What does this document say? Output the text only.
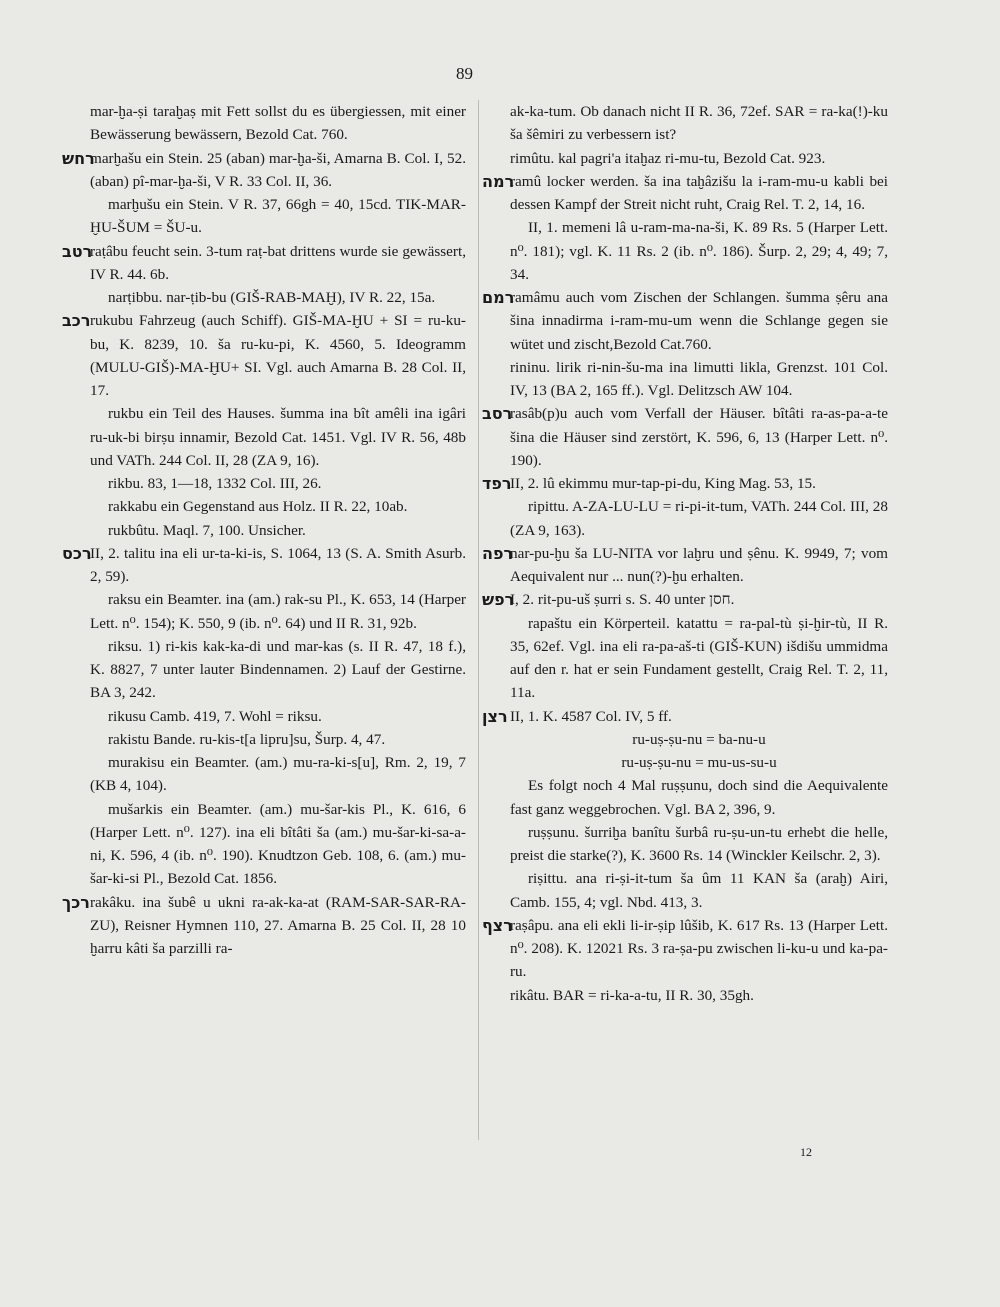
89
mar-ḫa-ṣi taraḫaṣ mit Fett sollst du es übergiessen, mit einer Bewässerung bewässern, Bezold Cat. 760.
רחש
marḫašu ein Stein. 25 (aban) mar-ḫa-ši, Amarna B. Col. I, 52. (aban) pî-mar-ḫa-ši, V R. 33 Col. II, 36.
marḫušu ein Stein. V R. 37, 66gh = 40, 15cd. TIK-MAR-ḪU-ŠUM = ŠU-u.
רטב
raṭâbu feucht sein. 3-tum raṭ-bat drittens wurde sie gewässert, IV R. 44. 6b.
narṭibbu. nar-ṭib-bu (GIŠ-RAB-MAḪ), IV R. 22, 15a.
רכב rukubu Fahrzeug (auch Schiff). GIŠ-MA-ḪU + SI = ru-ku-bu, K. 8239, 10. ša ru-ku-pi, K. 4560, 5. Ideogramm (MULU-GIŠ)-MA-ḪU+ SI. Vgl. auch Amarna B. 28 Col. II, 17.
rukbu ein Teil des Hauses. šumma ina bît amêli ina igâri ru-uk-bi birṣu innamir, Bezold Cat. 1451. Vgl. IV R. 56, 48b und VATh. 244 Col. II, 28 (ZA 9, 16).
rikbu. 83, 1—18, 1332 Col. III, 26.
rakkabu ein Gegenstand aus Holz. II R. 22, 10ab.
rukbûtu. Maql. 7, 100. Unsicher.
רכס
II, 2. talitu ina eli ur-ta-ki-is, S. 1064, 13 (S. A. Smith Asurb. 2, 59).
raksu ein Beamter. ina (am.) rak-su Pl., K. 653, 14 (Harper Lett. n⁰. 154); K. 550, 9 (ib. n⁰. 64) und II R. 31, 92b.
riksu. 1) ri-kis kak-ka-di und mar-kas (s. II R. 47, 18 f.), K. 8827, 7 unter lauter Bindennamen. 2) Lauf der Gestirne. BA 3, 242.
rikusu Camb. 419, 7. Wohl = riksu.
rakistu Bande. ru-kis-t[a lipru]su, Šurp. 4, 47.
murakisu ein Beamter. (am.) mu-ra-ki-s[u], Rm. 2, 19, 7 (KB 4, 104).
mušarkis ein Beamter. (am.) mu-šar-kis Pl., K. 616, 6 (Harper Lett. n⁰. 127). ina eli bîtâti ša (am.) mu-šar-ki-sa-a-ni, K. 596, 4 (ib. n⁰. 190). Knudtzon Geb. 108, 6. (am.) mu-šar-ki-si Pl., Bezold Cat. 1856.
רכך rakâku. ina šubê u ukni ra-ak-ka-at (RAM-SAR-SAR-RA-ZU), Reisner Hymnen 110, 27. Amarna B. 25 Col. II, 28 10 ḫarru kâti ša parzilli ra-
ak-ka-tum. Ob danach nicht II R. 36, 72ef. SAR = ra-ka(!)-ku ša šêmiri zu verbessern ist?
rimûtu. kal pagri'a itaḫaz ri-mu-tu, Bezold Cat. 923.
רמה
ramû locker werden. ša ina taḫâzišu la i-ram-mu-u kabli bei dessen Kampf der Streit nicht ruht, Craig Rel. T. 2, 14, 16.
II, 1. memeni lâ u-ram-ma-na-ši, K. 89 Rs. 5 (Harper Lett. n⁰. 181); vgl. K. 11 Rs. 2 (ib. n⁰. 186). Šurp. 2, 29; 4, 49; 7, 34.
רמם
ramâmu auch vom Zischen der Schlangen. šumma ṣêru ana šina innadirma i-ram-mu-um wenn die Schlange gegen sie wütet und zischt,Bezold Cat.760.
rininu. lirik ri-nin-šu-ma ina limutti likla, Grenzst. 101 Col. IV, 13 (BA 2, 165 ff.). Vgl. Delitzsch AW 104.
רסב
rasâb(p)u auch vom Verfall der Häuser. bîtâti ra-as-pa-a-te šina die Häuser sind zerstört, K. 596, 6, 13 (Harper Lett. n⁰. 190).
רפד
II, 2. lû ekimmu mur-tap-pi-du, King Mag. 53, 15.
ripittu. A-ZA-LU-LU = ri-pi-it-tum, VATh. 244 Col. III, 28 (ZA 9, 163).
רפה
nar-pu-ḫu ša LU-NITA vor laḫru und ṣênu. K. 9949, 7; vom Aequivalent nur ... nun(?)-ḫu erhalten.
רפש
I, 2. rit-pu-uš ṣurri s. S. 40 unter חסן.
rapaštu ein Körperteil. katattu = ra-pal-tù ṣi-ḫir-tù, II R. 35, 62ef. Vgl. ina eli ra-pa-aš-ti (GIŠ-KUN) išdišu ummidma auf den r. hat er sein Fundament gestellt, Craig Rel. T. 2, 11, 11a.
רצן II, 1. K. 4587 Col. IV, 5 ff.
ru-uṣ-ṣu-nu = ba-nu-u
ru-uṣ-ṣu-nu = mu-us-su-u
Es folgt noch 4 Mal ruṣṣunu, doch sind die Aequivalente fast ganz weggebrochen. Vgl. BA 2, 396, 9.
ruṣṣunu. šurriḫa banîtu šurbâ ru-ṣu-un-tu erhebt die helle, preist die starke(?), K. 3600 Rs. 14 (Winckler Keilschr. 2, 3).
riṣittu. ana ri-ṣi-it-tum ša ûm 11 KAN ša (araḫ) Airi, Camb. 155, 4; vgl. Nbd. 413, 3.
רצף
raṣâpu. ana eli ekli li-ir-ṣip lûšib, K. 617 Rs. 13 (Harper Lett. n⁰. 208). K. 12021 Rs. 3 ra-ṣa-pu zwischen li-ku-u und ka-pa-ru.
rikâtu. BAR = ri-ka-a-tu, II R. 30, 35gh.
12
